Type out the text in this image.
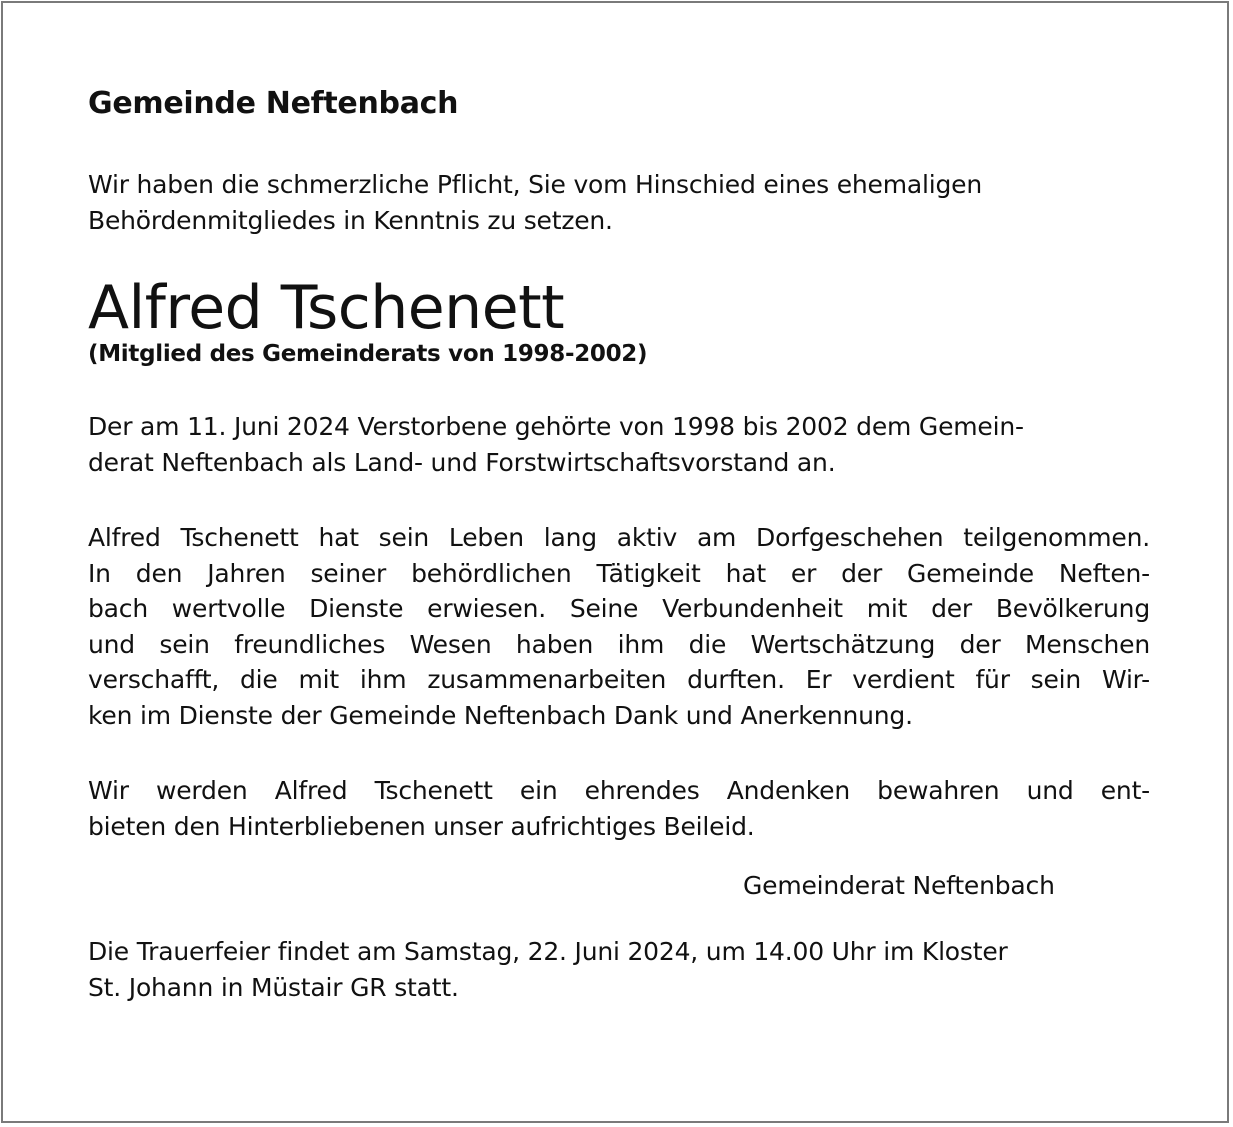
Gemeinde Neftenbach

Wir haben die schmerzliche Pflicht, Sie vom Hinschied eines ehemaligen
Behördenmitgliedes in Kenntnis zu setzen.

Alfred Tschenett

(Mitglied des Gemeinderats von 1998-2002)

Der am 11. Juni 2024 Verstorbene gehörte von 1998 bis 2002 dem Gemein-
derat Neftenbach als Land- und Forstwirtschaftsvorstand an.

Alfred Tschenett hat sein Leben lang aktiv am Dorfgeschehen teilgenommen.
In den Jahren seiner behördlichen Tätigkeit hat er der Gemeinde Neften-
bach wertvolle Dienste erwiesen. Seine Verbundenheit mit der Bevölkerung
und sein freundliches Wesen haben ihm die Wertschätzung der Menschen
verschafft, die mit ihm zusammenarbeiten durften. Er verdient für sein Wir-
ken im Dienste der Gemeinde Neftenbach Dank und Anerkennung.

Wir werden Alfred Tschenett ein ehrendes Andenken bewahren und ent-
bieten den Hinterbliebenen unser aufrichtiges Beileid.

Gemeinderat Neftenbach

Die Trauerfeier findet am Samstag, 22. Juni 2024, um 14.00 Uhr im Kloster
St. Johann in Müstair GR statt.
